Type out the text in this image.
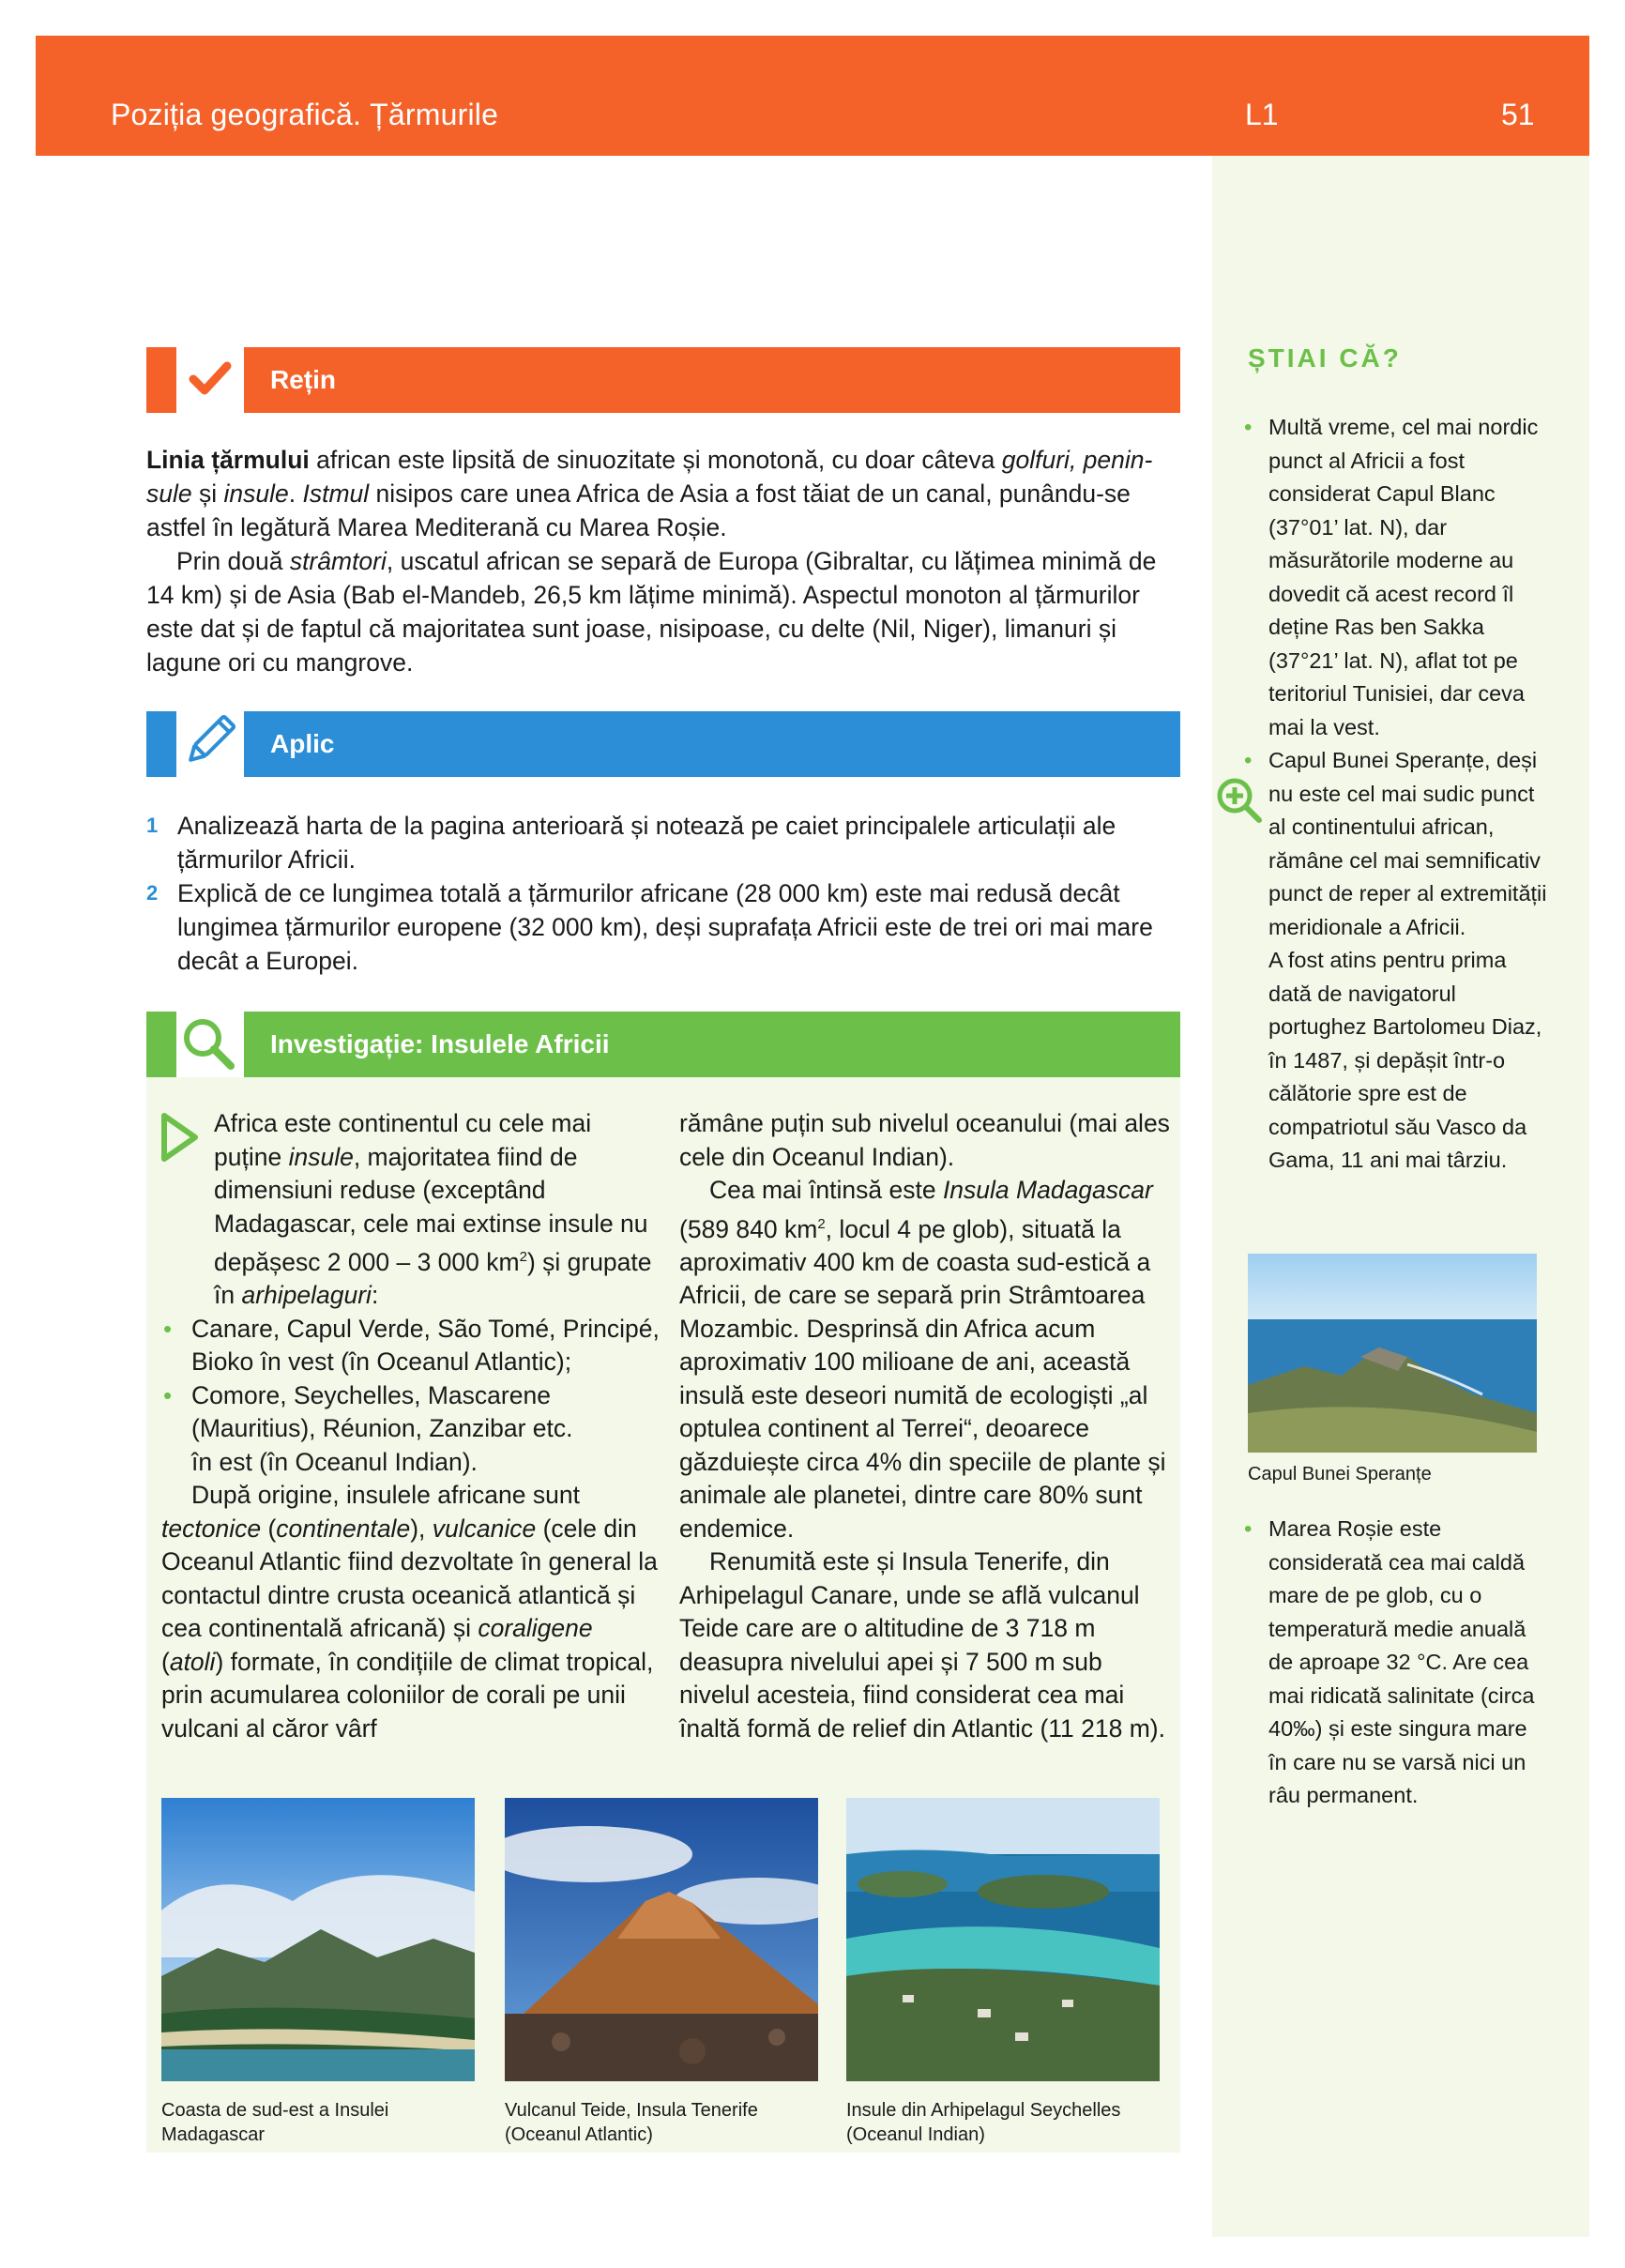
Poziția geografică. Țărmurile	L1	51
Rețin

Linia țărmului african este lipsită de sinuozitate și monotonă, cu doar câteva golfuri, penin-sule și insule. Istmul nisipos care unea Africa de Asia a fost tăiat de un canal, punându-se astfel în legătură Marea Mediterană cu Marea Roșie.

Prin două strâmtori, uscatul african se separă de Europa (Gibraltar, cu lățimea minimă de 14 km) și de Asia (Bab el-Mandeb, 26,5 km lățime minimă). Aspectul monoton al țărmurilor este dat și de faptul că majoritatea sunt joase, nisipoase, cu delte (Nil, Niger), limanuri și lagune ori cu mangrove.

Aplic
1 Analizează harta de la pagina anterioară și notează pe caiet principalele articulații ale țărmurilor Africii.
2 Explică de ce lungimea totală a țărmurilor africane (28 000 km) este mai redusă decât lungimea țărmurilor europene (32 000 km), deși suprafața Africii este de trei ori mai mare decât a Europei.
Investigație: Insulele Africii

Africa este continentul cu cele mai puține insule, majoritatea fiind de dimensiuni reduse (exceptând Madagascar, cele mai extinse insule nu depășesc 2 000 – 3 000 $km^2$) și grupate în arhipelaguri:

• Canare, Capul Verde, São Tomé, Principé, Bioko în vest (în Oceanul Atlantic);

• Comore, Seychelles, Mascarene (Mauritius), Réunion, Zanzibar etc.

în est (în Oceanul Indian).

După origine, insulele africane sunt tectonice (continentale), vulcanice (cele din Oceanul Atlantic fiind dezvoltate în general la contactul dintre crusta oceanică atlantică și cea continentală africană) și coraligene (atoli) formate, în condițiile de climat tropical, prin acumularea coloniilor de corali pe unii vulcani al căror vârf

rămâne puțin sub nivelul oceanului (mai ales cele din Oceanul Indian).

Cea mai întinsă este Insula Madagascar (589 840 $km^2$, locul 4 pe glob), situată la aproximativ 400 km de coasta sud-estică a Africii, de care se separă prin Strâmtoarea Mozambic. Desprinsă din Africa acum aproximativ 100 milioane de ani, această insulă este deseori numită de ecologiști „al optulea continent al Terrei“, deoarece găzduiește circa 4% din speciile de plante și animale ale planetei, dintre care 80% sunt endemice.

Renumită este și Insula Tenerife, din Arhipelagul Canare, unde se află vulcanul Teide care are o altitudine de 3 718 m deasupra nivelului apei și 7 500 m sub nivelul acesteia, fiind considerat cea mai înaltă formă de relief din Atlantic (11 218 m).

Coasta de sud-est a Insulei Madagascar
Vulcanul Teide, Insula Tenerife (Oceanul Atlantic)
Insule din Arhipelagul Seychelles (Oceanul Indian)
ȘTIAI CĂ?

• Multă vreme, cel mai nordic punct al Africii a fost considerat Capul Blanc (37°01’ lat. N), dar măsurătorile moderne au dovedit că acest record îl deține Ras ben Sakka (37°21’ lat. N), aflat tot pe teritoriul Tunisiei, dar ceva mai la vest.

• Capul Bunei Speranțe, deși nu este cel mai sudic punct al continentului african, rămâne cel mai semnificativ punct de reper al extremității meridionale a Africii.

A fost atins pentru prima dată de navigatorul portughez Bartolomeu Diaz, în 1487, și depășit într-o călătorie spre est de compatriotul său Vasco da Gama, 11 ani mai târziu.

Capul Bunei Speranțe

• Marea Roșie este considerată cea mai caldă mare de pe glob, cu o temperatură medie anuală de aproape 32 °C. Are cea mai ridicată salinitate (circa 40‰) și este singura mare în care nu se varsă nici un râu permanent.
